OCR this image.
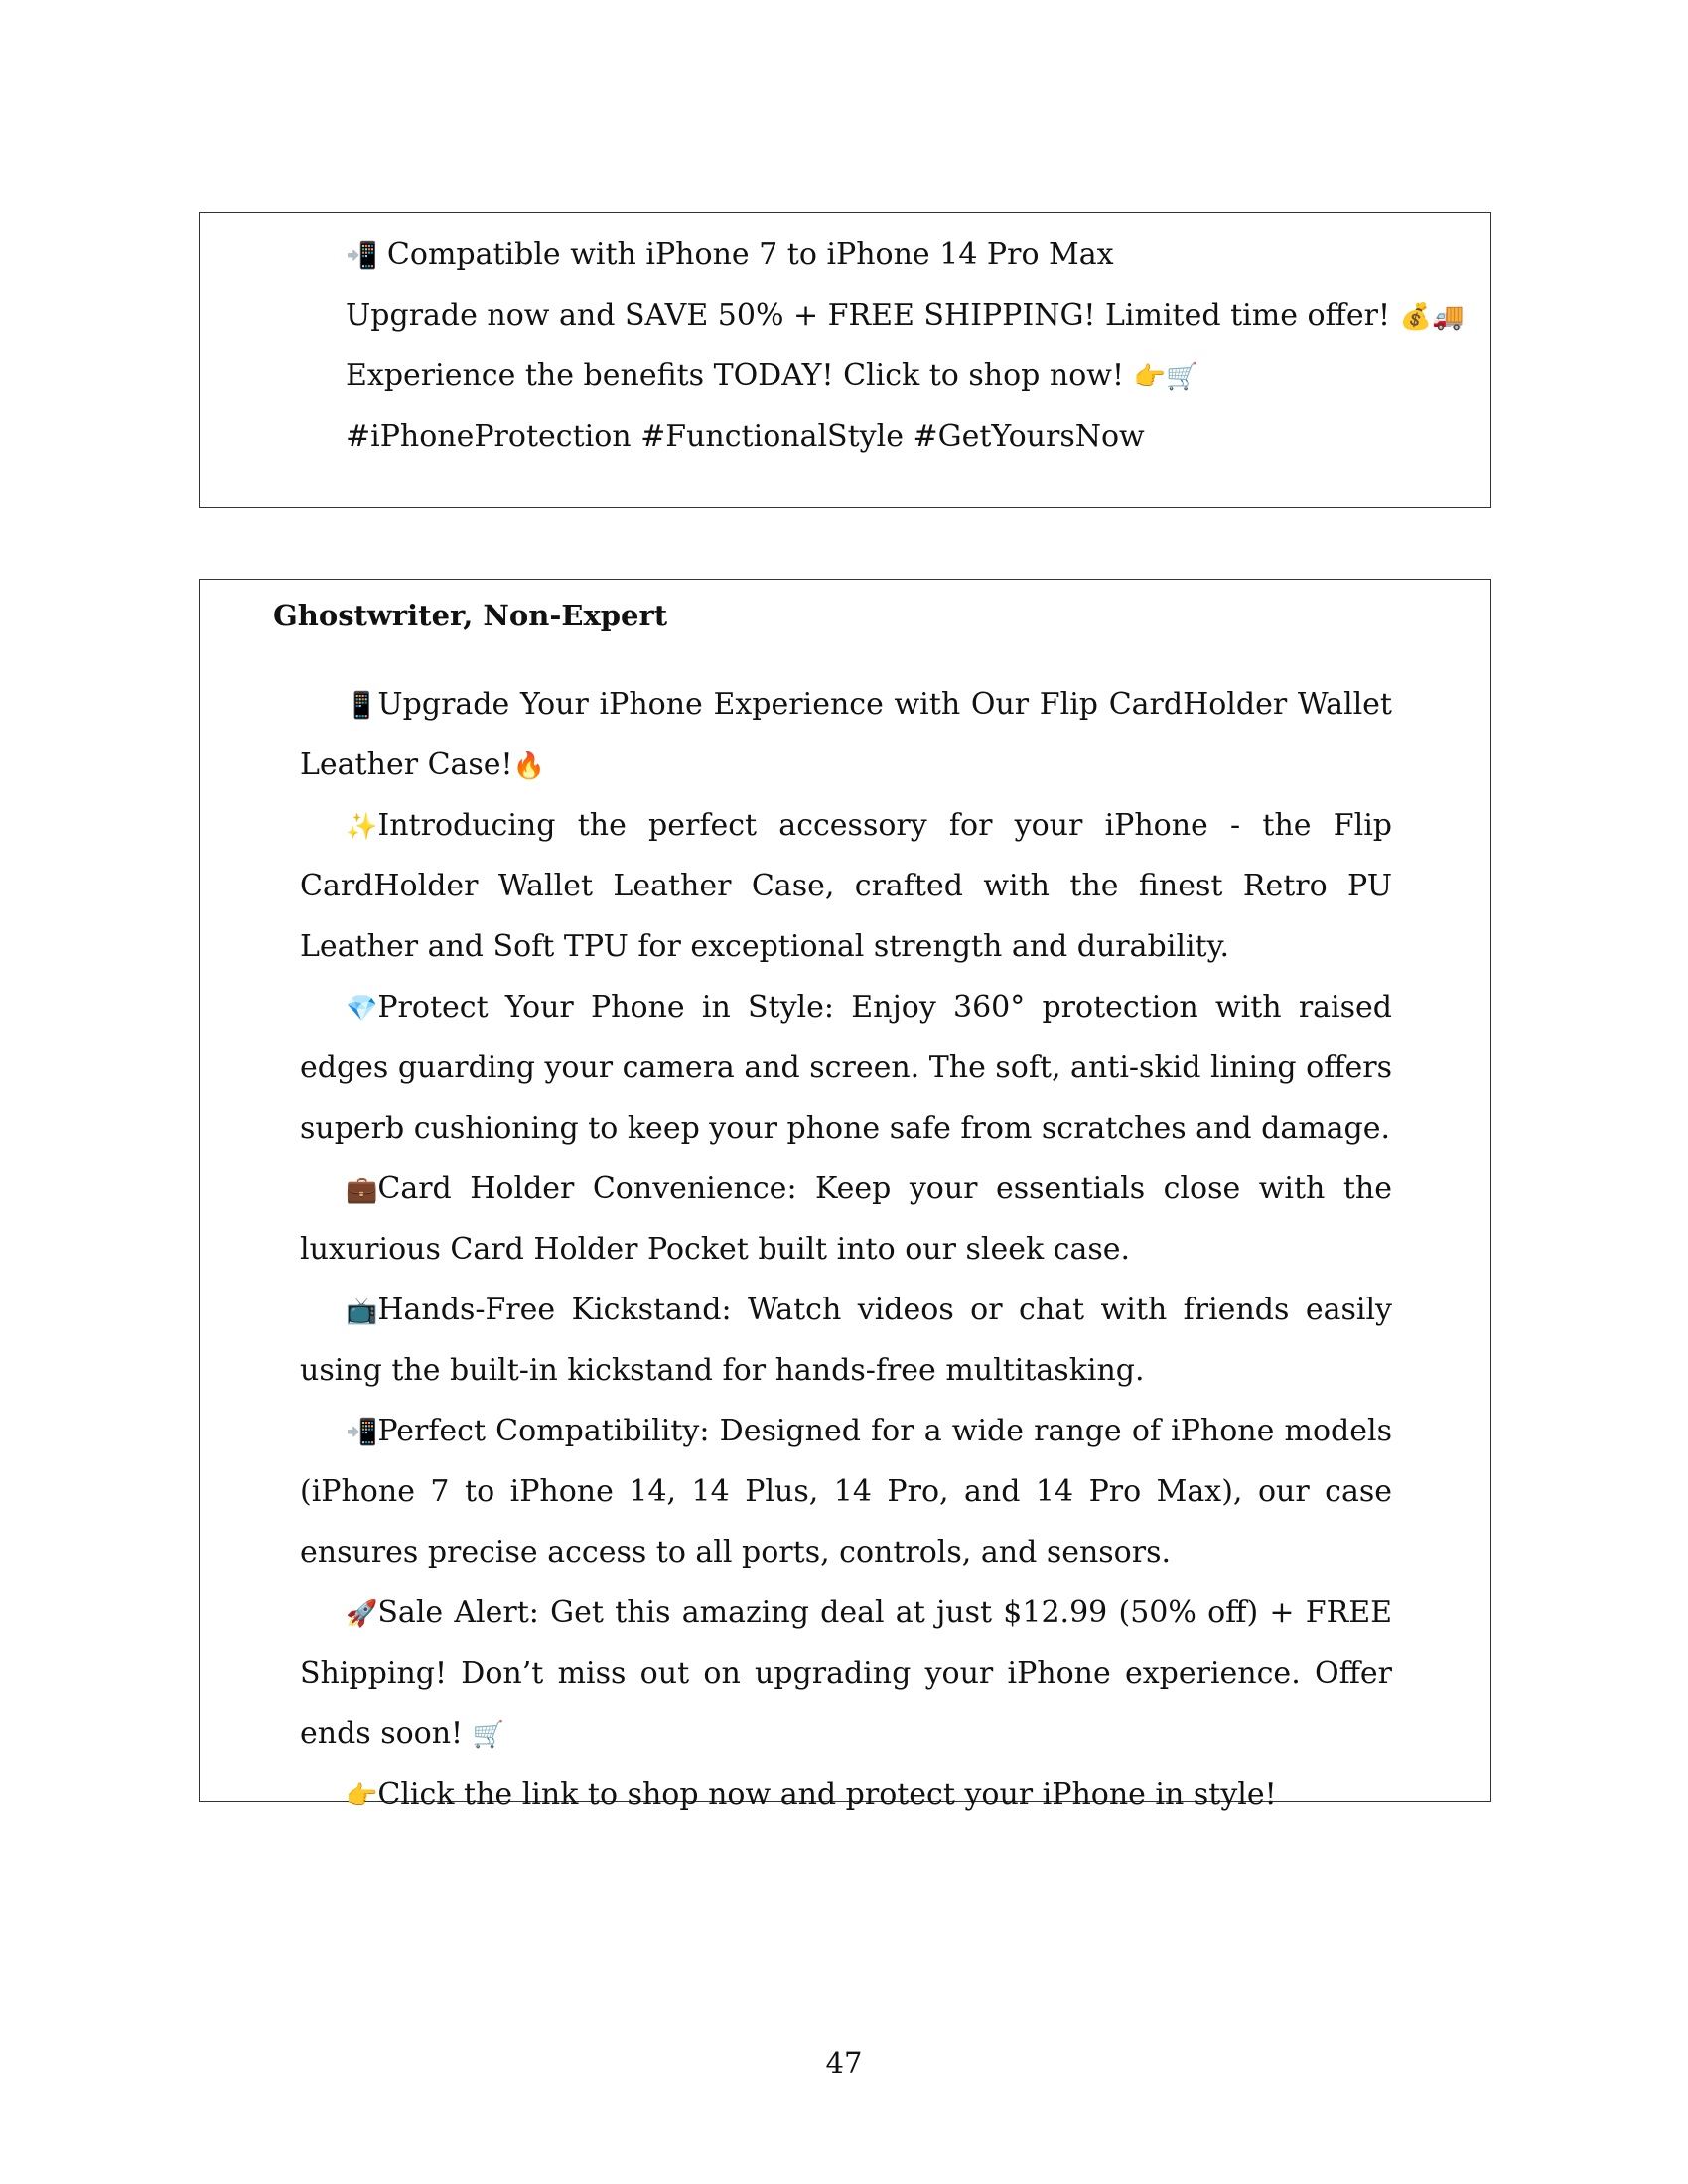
📲 Compatible with iPhone 7 to iPhone 14 Pro Max
Upgrade now and SAVE 50% + FREE SHIPPING! Limited time offer! 💰🚚
Experience the benefits TODAY! Click to shop now! 👉🛒
#iPhoneProtection #FunctionalStyle #GetYoursNow
Ghostwriter, Non-Expert

📱Upgrade Your iPhone Experience with Our Flip CardHolder Wallet Leather Case!🔥

✨Introducing the perfect accessory for your iPhone - the Flip CardHolder Wallet Leather Case, crafted with the finest Retro PU Leather and Soft TPU for exceptional strength and durability.

💎Protect Your Phone in Style: Enjoy 360° protection with raised edges guarding your camera and screen. The soft, anti-skid lining offers superb cushioning to keep your phone safe from scratches and damage.

💼Card Holder Convenience: Keep your essentials close with the luxurious Card Holder Pocket built into our sleek case.

📺Hands-Free Kickstand: Watch videos or chat with friends easily using the built-in kickstand for hands-free multitasking.

📲Perfect Compatibility: Designed for a wide range of iPhone models (iPhone 7 to iPhone 14, 14 Plus, 14 Pro, and 14 Pro Max), our case ensures precise access to all ports, controls, and sensors.

🚀Sale Alert: Get this amazing deal at just $12.99 (50% off) + FREE Shipping! Don’t miss out on upgrading your iPhone experience. Offer ends soon! 🛒

👉Click the link to shop now and protect your iPhone in style!

47
